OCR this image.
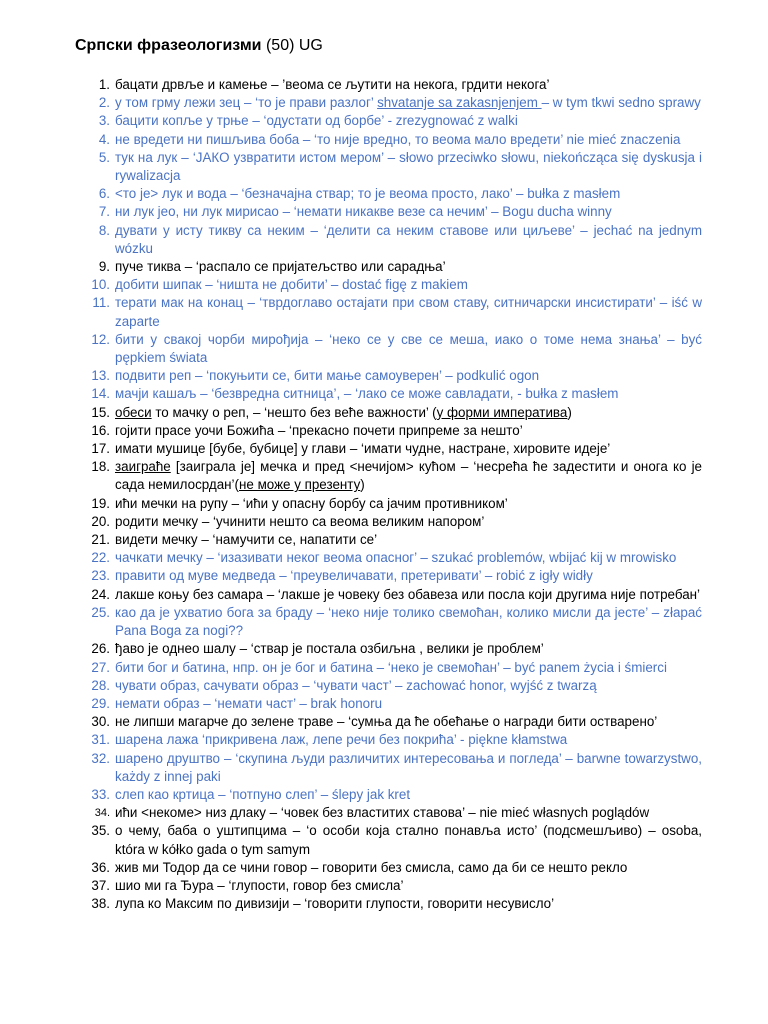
Српски фразеологизми (50) UG
1. бацати дрвље и камење – ’веома се љутити на некога, грдити некога’
2. у том грму лежи зец – ‘то је прави разлог’ shvatanje sa zakasnjenjem – w tym tkwi sedno sprawy
3. бацити копље у трње – ‘одустати од борбе’ - zrezygnować z walki
4. не вредети ни пишљива боба – ‘то није вредно, то веома мало вредети’ nie mieć znaczenia
5. тук на лук – ‘ЈАКО узвратити истом мером’ – słowo przeciwko słowu, niekończąca się dyskusja i rywalizacja
6. <то је> лук и вода – ‘безначајна ствар; то је веома просто, лако’ – bułka z masłem
7. ни лук јео, ни лук мирисао – ‘немати никакве везе са нечим’ – Bogu ducha winny
8. дувати у исту тикву са неким – ‘делити са неким ставове или циљеве’ – jechać na jednym wózku
9. пуче тиква – ‘распало се пријатељство или сарадња’
10. добити шипак – ‘ништа не добити’ – dostać figę z makiem
11. терати мак на конац – ‘тврдоглаво остајати при свом ставу, ситничарски инсистирати’ – iść w zaparte
12. бити у свакој чорби мирођија – ‘неко се у све се меша, иако о томе нема знања’ – być pępkiem świata
13. подвити реп – ‘покуњити се, бити мање самоуверен’ – podkulić ogon
14. мачји кашаљ – ‘безвредна ситница’, – ‘лако се може савладати, - bułka z masłem
15. обеси то мачку о реп, – ‘нешто без веће важности’ (у форми императива)
16. гојити прасе уочи Божића – ‘прекасно почети припреме за нешто’
17. имати мушице [бубе, бубице] у глави – ‘имати чудне, настране, хировите идеје’
18. заиграће [заиграла је] мечка и пред <нечијом> кућом – ‘несрећа ће задестити и онога ко је сада немилосрдан’(не може у презенту)
19. ићи мечки на рупу – ‘ићи у опасну борбу са јачим противником’
20. родити мечку – ‘учинити нешто са веома великим напором’
21. видети мечку – ‘намучити се, напатити се’
22. чачкати мечку – ‘изазивати неког веома опасног’ – szukać problemów, wbijać kij w mrowisko
23. правити од муве медведа – ‘преувеличавати, претеривати’ – robić z igły widły
24. лакше коњу без самара – ‘лакше је човеку без обавеза или посла који другима није потребан’
25. као да је ухватио бога за браду – ‘неко није толико свемоћан, колико мисли да јесте’ – złapać Pana Boga za nogi??
26. ђаво је однео шалу – ‘ствар је постала озбиљна , велики је проблем’
27. бити бог и батина, нпр. он је бог и батина – ‘неко је свемоћан’ – być panem życia i śmierci
28. чувати образ, сачувати образ – ‘чувати част’ – zachować honor, wyjść z twarzą
29. немати образ – ‘немати част’ – brak honoru
30. не липши магарче до зелене траве – ‘сумња да ће обећање о награди бити остварено’
31. шарена лажа ‘прикривена лаж, лепе речи без покрића’ - piękne kłamstwa
32. шарено друштво – ‘скупина људи различитих интересовања и погледа’ – barwne towarzystwo, każdy z innej paki
33. слеп као кртица – ‘потпуно слеп’ – ślepy jak kret
34. ићи <некоме> низ длаку – ‘човек без властитих ставова’ – nie mieć własnych poglądów
35. о чему, баба о уштипцима – ‘о особи која стално понавља исто’ (подсмешљиво) – osoba, która w kółko gada o tym samym
36. жив ми Тодор да се чини говор – говорити без смисла, само да би се нешто рекло
37. шио ми га Ђура – ‘глупости, говор без смисла’
38. лупа ко Максим по дивизији – ‘говорити глупости, говорити несувисло’
